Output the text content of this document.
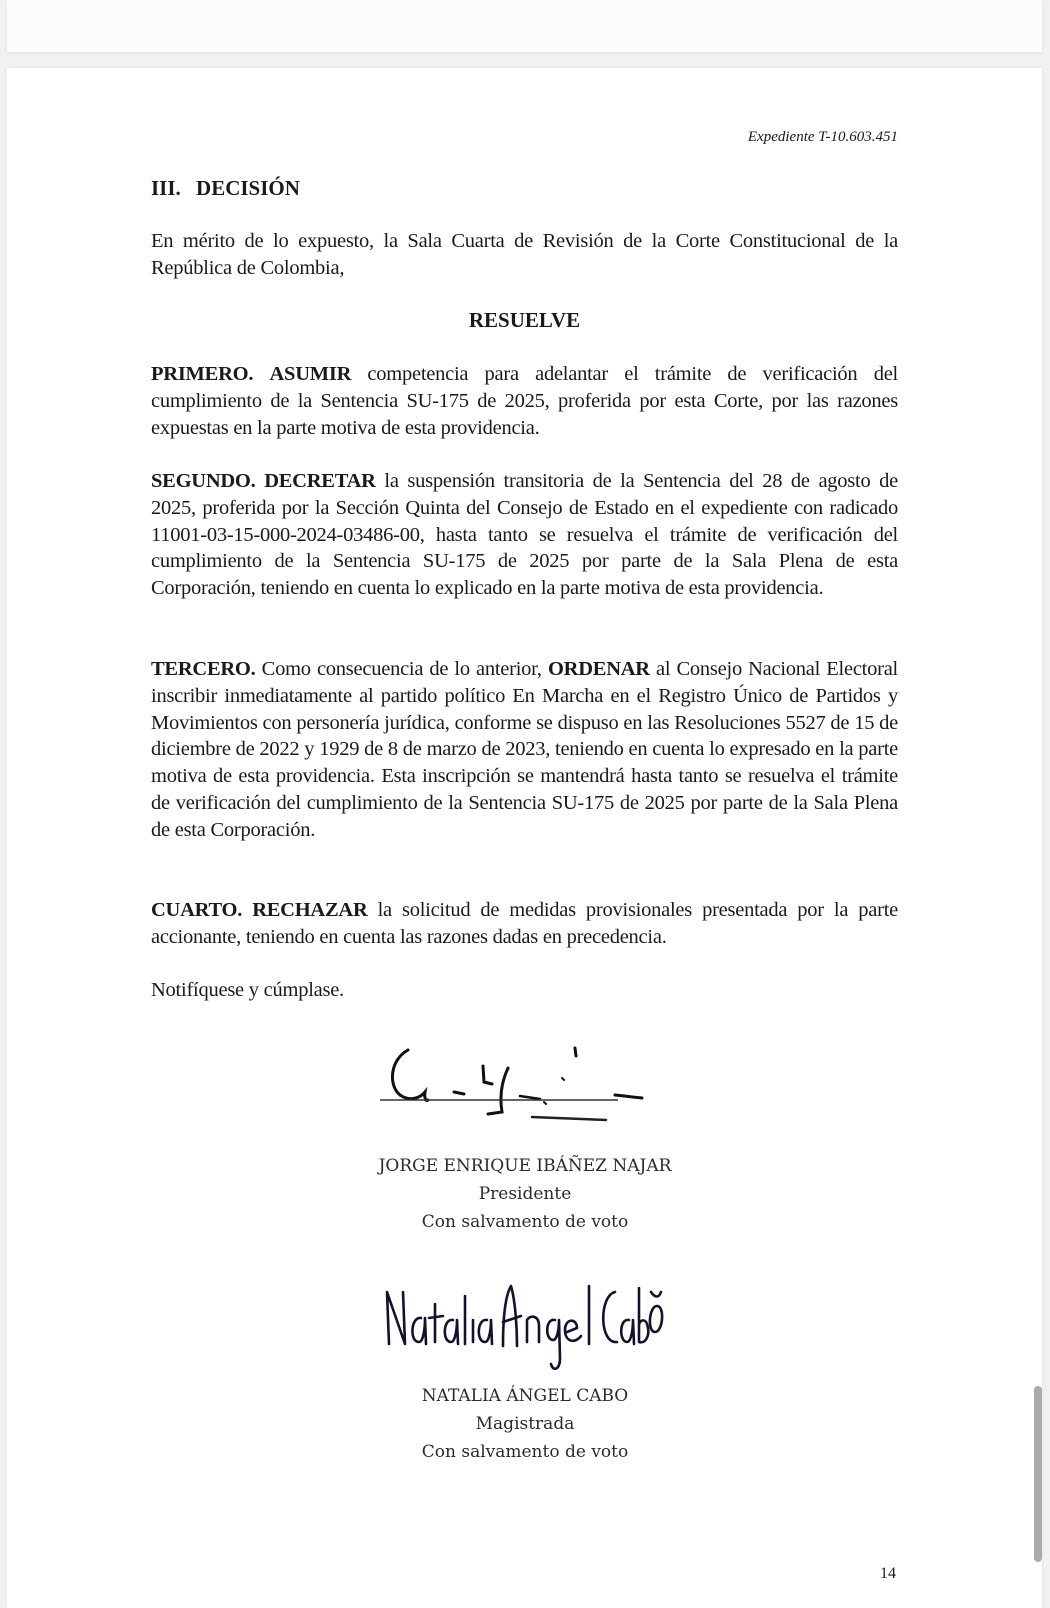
Expediente T-10.603.451
III. DECISIÓN
En mérito de lo expuesto, la Sala Cuarta de Revisión de la Corte Constitucional de la República de Colombia,
RESUELVE
PRIMERO. ASUMIR competencia para adelantar el trámite de verificación del cumplimiento de la Sentencia SU-175 de 2025, proferida por esta Corte, por las razones expuestas en la parte motiva de esta providencia.
SEGUNDO. DECRETAR la suspensión transitoria de la Sentencia del 28 de agosto de 2025, proferida por la Sección Quinta del Consejo de Estado en el expediente con radicado 11001-03-15-000-2024-03486-00, hasta tanto se resuelva el trámite de verificación del cumplimiento de la Sentencia SU-175 de 2025 por parte de la Sala Plena de esta Corporación, teniendo en cuenta lo explicado en la parte motiva de esta providencia.
TERCERO. Como consecuencia de lo anterior, ORDENAR al Consejo Nacional Electoral inscribir inmediatamente al partido político En Marcha en el Registro Único de Partidos y Movimientos con personería jurídica, conforme se dispuso en las Resoluciones 5527 de 15 de diciembre de 2022 y 1929 de 8 de marzo de 2023, teniendo en cuenta lo expresado en la parte motiva de esta providencia. Esta inscripción se mantendrá hasta tanto se resuelva el trámite de verificación del cumplimiento de la Sentencia SU-175 de 2025 por parte de la Sala Plena de esta Corporación.
CUARTO. RECHAZAR la solicitud de medidas provisionales presentada por la parte accionante, teniendo en cuenta las razones dadas en precedencia.
Notifíquese y cúmplase.
JORGE ENRIQUE IBÁÑEZ NAJAR
Presidente
Con salvamento de voto
NATALIA ÁNGEL CABO
Magistrada
Con salvamento de voto
14
